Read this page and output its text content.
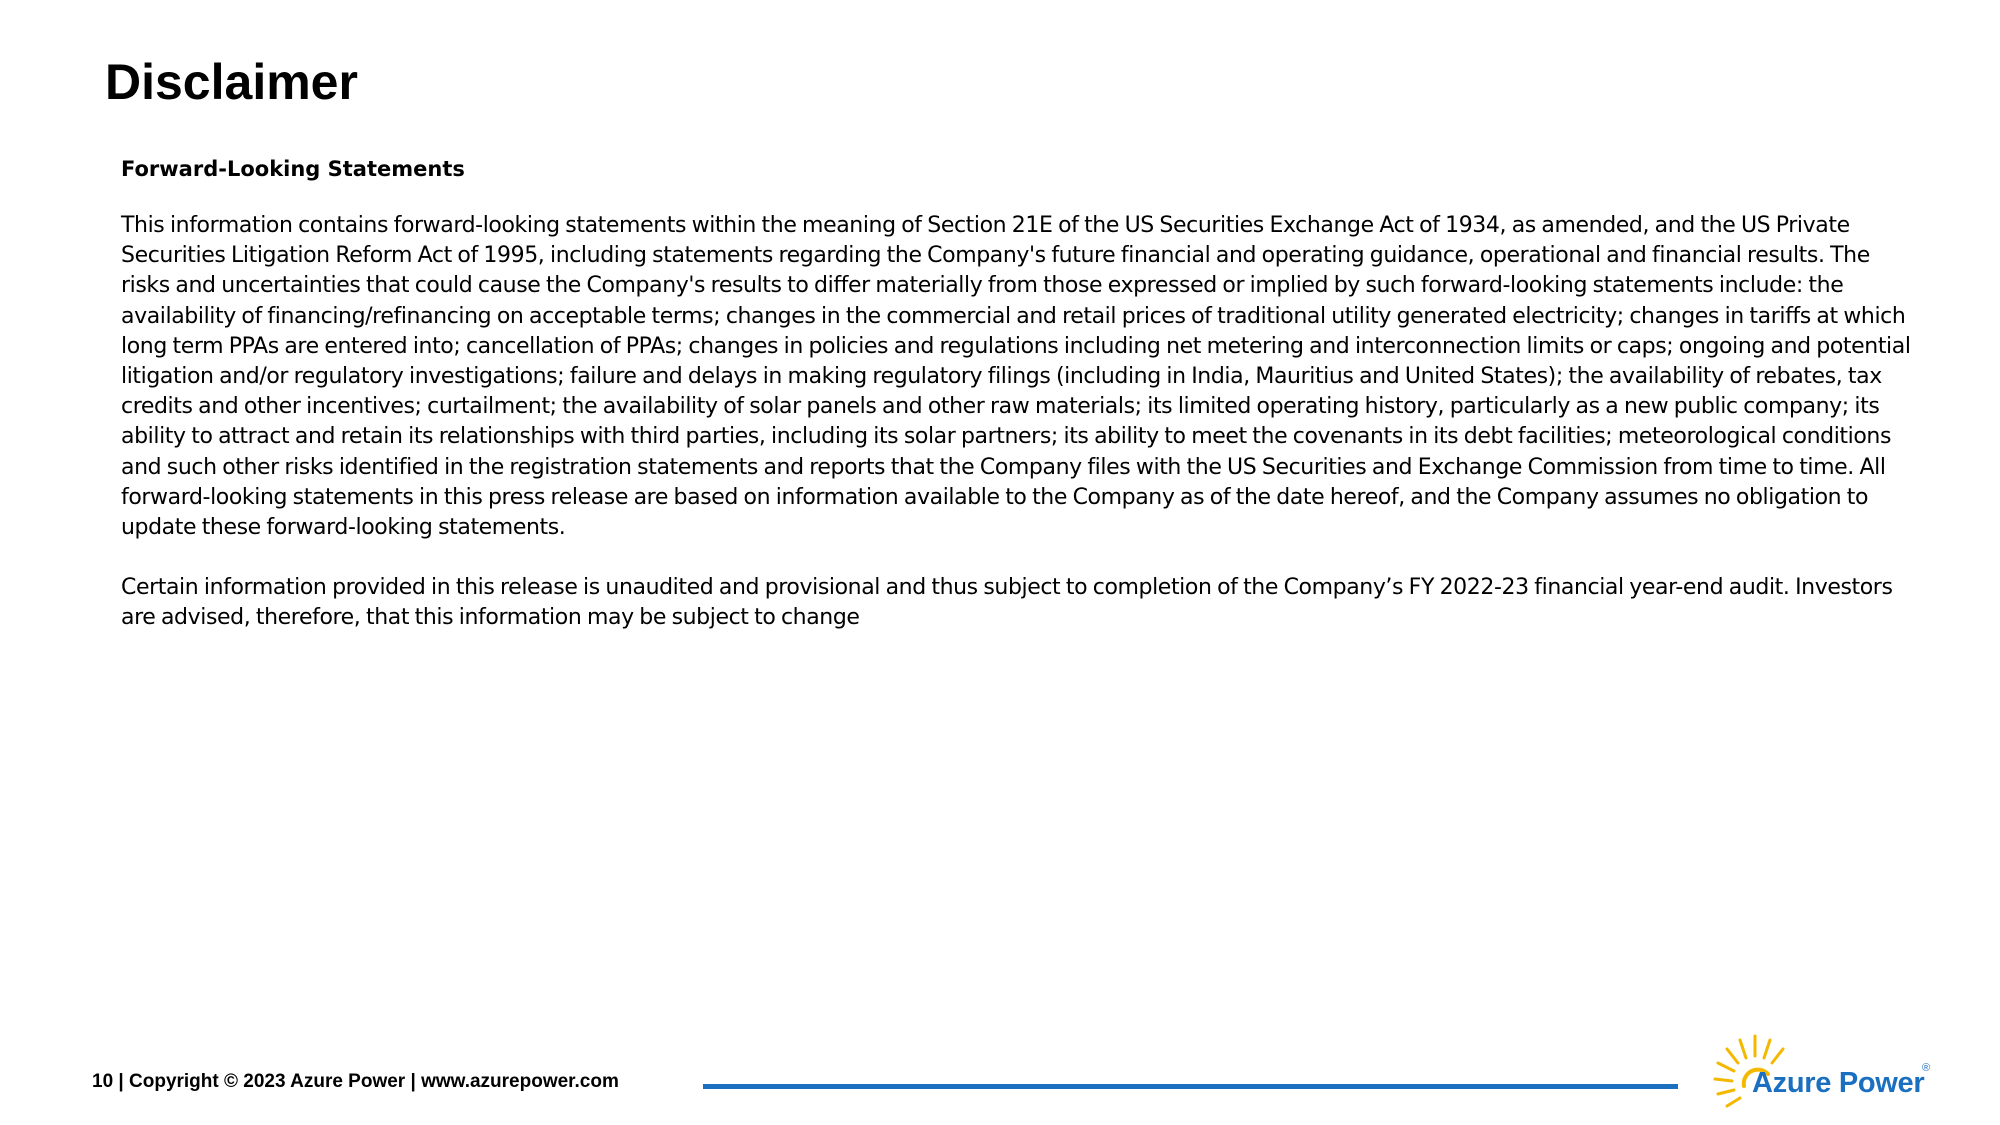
Disclaimer
Forward-Looking Statements

This information contains forward-looking statements within the meaning of Section 21E of the US Securities Exchange Act of 1934, as amended, and the US Private Securities Litigation Reform Act of 1995, including statements regarding the Company's future financial and operating guidance, operational and financial results. The risks and uncertainties that could cause the Company's results to differ materially from those expressed or implied by such forward-looking statements include: the availability of financing/refinancing on acceptable terms; changes in the commercial and retail prices of traditional utility generated electricity; changes in tariffs at which long term PPAs are entered into; cancellation of PPAs; changes in policies and regulations including net metering and interconnection limits or caps; ongoing and potential litigation and/or regulatory investigations; failure and delays in making regulatory filings (including in India, Mauritius and United States); the availability of rebates, tax credits and other incentives; curtailment; the availability of solar panels and other raw materials; its limited operating history, particularly as a new public company; its ability to attract and retain its relationships with third parties, including its solar partners; its ability to meet the covenants in its debt facilities; meteorological conditions and such other risks identified in the registration statements and reports that the Company files with the US Securities and Exchange Commission from time to time. All forward-looking statements in this press release are based on information available to the Company as of the date hereof, and the Company assumes no obligation to update these forward-looking statements.

Certain information provided in this release is unaudited and provisional and thus subject to completion of the Company’s FY 2022-23 financial year-end audit. Investors are advised, therefore, that this information may be subject to change

10 | Copyright © 2023 Azure Power | www.azurepower.com	Azure Power
®
